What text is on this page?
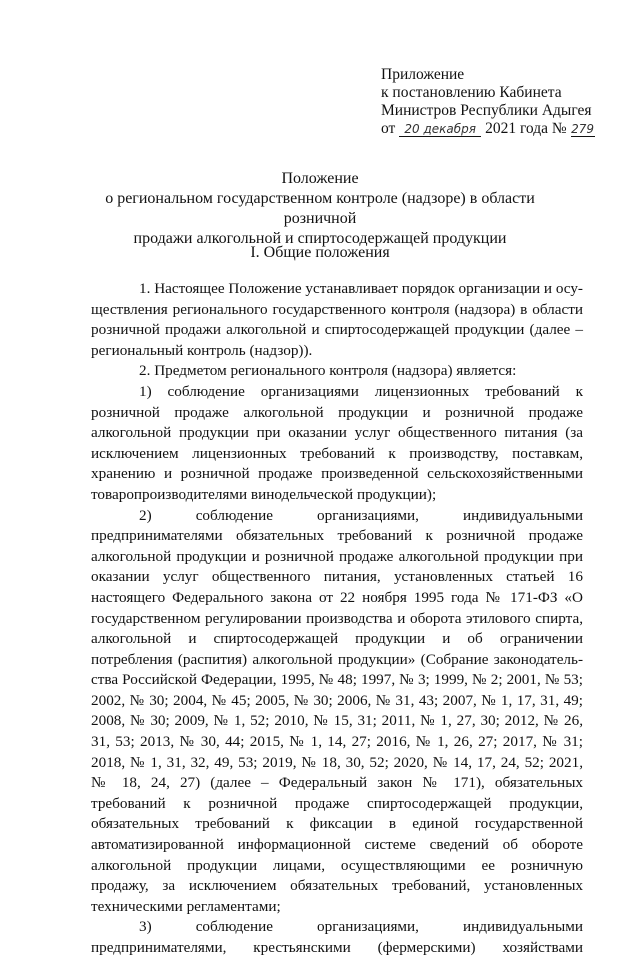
Приложение
к постановлению Кабинета
Министров Республики Адыгея
от 20 декабря 2021 года № 279
Положение
о региональном государственном контроле (надзоре) в области розничной
продажи алкогольной и спиртосодержащей продукции
I. Общие положения
1. Настоящее Положение устанавливает порядок организации и осу-
ществления регионального государственного контроля (надзора) в области
розничной продажи алкогольной и спиртосодержащей продукции (далее –
региональный контроль (надзор)).
2. Предметом регионального контроля (надзора) является:
1) соблюдение организациями лицензионных требований к
розничной продаже алкогольной продукции и розничной продаже
алкогольной продукции при оказании услуг общественного питания (за
исключением лицензионных требований к производству, поставкам,
хранению и розничной продаже произведенной сельскохозяйственными
товаропроизводителями винодельческой продукции);
2) соблюдение организациями, индивидуальными
предпринимателями обязательных требований к розничной продаже
алкогольной продукции и розничной продаже алкогольной продукции при
оказании услуг общественного питания, установленных статьей 16
настоящего Федерального закона от 22 ноября 1995 года № 171-ФЗ «О
государственном регулировании производства и оборота этилового спирта,
алкогольной и спиртосодержащей продукции и об ограничении
потребления (распития) алкогольной продукции» (Собрание законодатель-
ства Российской Федерации, 1995, № 48; 1997, № 3; 1999, № 2; 2001, № 53;
2002, № 30; 2004, № 45; 2005, № 30; 2006, № 31, 43; 2007, № 1, 17, 31, 49;
2008, № 30; 2009, № 1, 52; 2010, № 15, 31; 2011, № 1, 27, 30; 2012, № 26,
31, 53; 2013, № 30, 44; 2015, № 1, 14, 27; 2016, № 1, 26, 27; 2017, № 31;
2018, № 1, 31, 32, 49, 53; 2019, № 18, 30, 52; 2020, № 14, 17, 24, 52; 2021,
№ 18, 24, 27) (далее – Федеральный закон № 171), обязательных
требований к розничной продаже спиртосодержащей продукции,
обязательных требований к фиксации в единой государственной
автоматизированной информационной системе сведений об обороте
алкогольной продукции лицами, осуществляющими ее розничную
продажу, за исключением обязательных требований, установленных
техническими регламентами;
3) соблюдение организациями, индивидуальными
предпринимателями, крестьянскими (фермерскими) хозяйствами
